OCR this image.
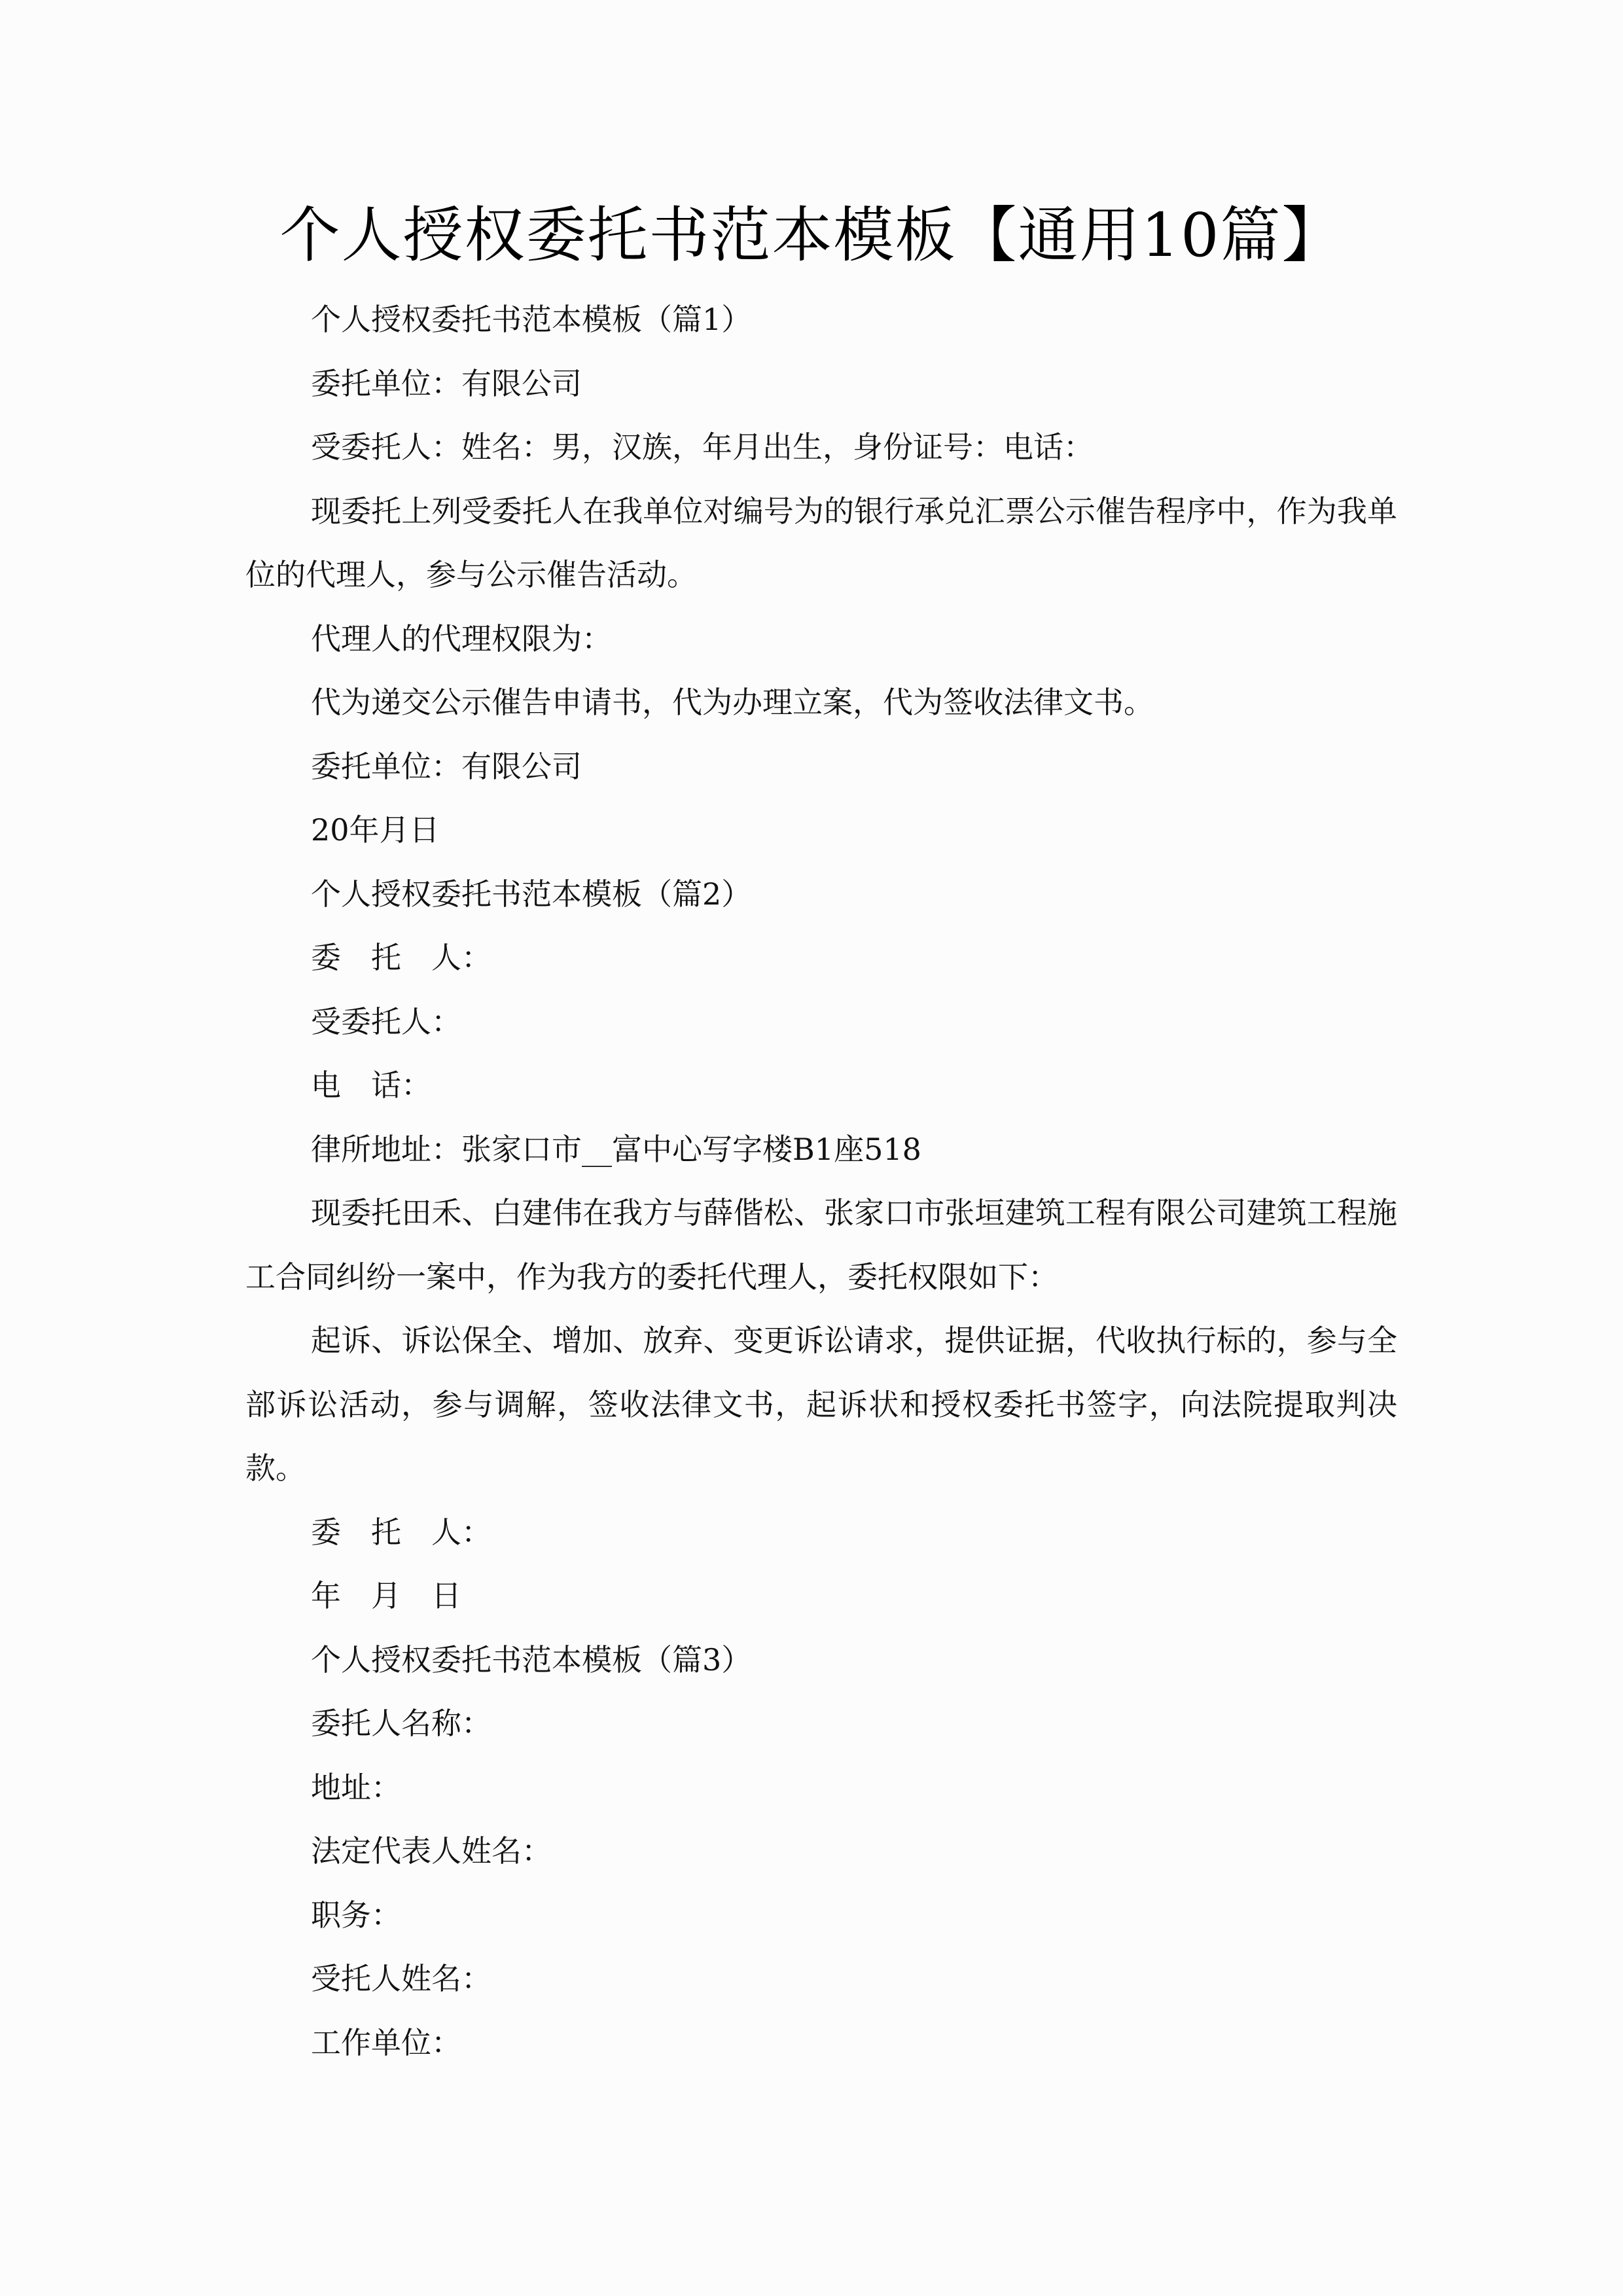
个人授权委托书范本模板【通用10篇】

个人授权委托书范本模板（篇1）

委托单位：有限公司

受委托人：姓名：男，汉族，年月出生，身份证号：电话：

现委托上列受委托人在我单位对编号为的银行承兑汇票公示催告程序中，作为我单位的代理人，参与公示催告活动。

代理人的代理权限为：

代为递交公示催告申请书，代为办理立案，代为签收法律文书。

委托单位：有限公司

20年月日

个人授权委托书范本模板（篇2）

委　托　人：

受委托人：

电　话：

律所地址：张家口市__富中心写字楼B1座518

现委托田禾、白建伟在我方与薛偕松、张家口市张垣建筑工程有限公司建筑工程施工合同纠纷一案中，作为我方的委托代理人，委托权限如下：

起诉、诉讼保全、增加、放弃、变更诉讼请求，提供证据，代收执行标的，参与全部诉讼活动，参与调解，签收法律文书，起诉状和授权委托书签字，向法院提取判决款。

委　托　人：

年　月　日

个人授权委托书范本模板（篇3）

委托人名称：

地址：

法定代表人姓名：

职务：

受托人姓名：

工作单位：
